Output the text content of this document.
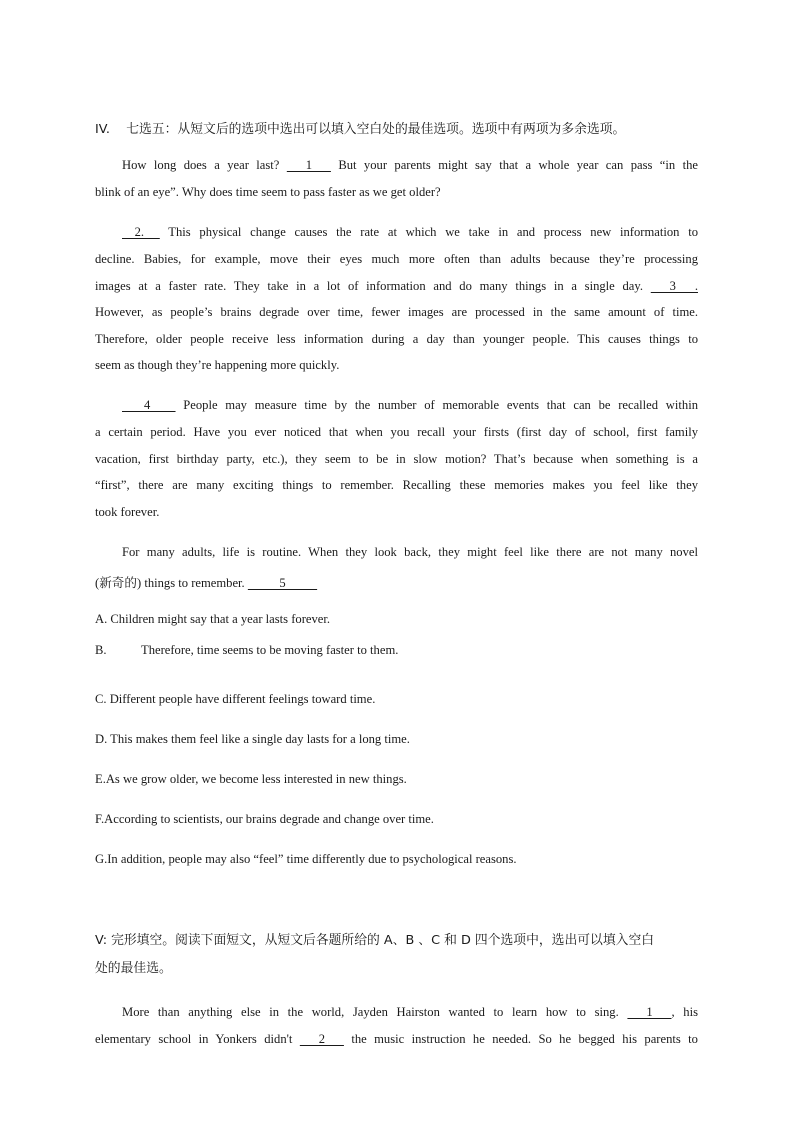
IV. 七选五：从短文后的选项中选出可以填入空白处的最佳选项。选项中有两项为多余选项。
How long does a year last?       1       But your parents might say that a whole year can pass “in the
blink of an eye”. Why does time seem to pass faster as we get older?
2.      This physical change causes the rate at which we take in and process new information to
decline. Babies, for example, move their eyes much more often than adults because they’re processing
images at a faster rate. They take in a lot of information and do many things in a single day.       3      .
However, as people’s brains degrade over time, fewer images are processed in the same amount of time.
Therefore, older people receive less information during a day than younger people. This causes things to
seem as though they’re happening more quickly.
4         People may measure time by the number of memorable events that can be recalled within
a certain period. Have you ever noticed that when you recall your firsts (first day of school, first family
vacation, first birthday party, etc.), they seem to be in slow motion? That’s because when something is a
“first”, there are many exciting things to remember. Recalling these memories makes you feel like they
took forever.
For many adults, life is routine. When they look back, they might feel like there are not many novel
(新奇的) things to remember.           5
A. Children might say that a year lasts forever.
B.	Therefore, time seems to be moving faster to them.
C. Different people have different feelings toward time.
D. This makes them feel like a single day lasts for a long time.
E.As we grow older, we become less interested in new things.
F.According to scientists, our brains degrade and change over time.
G.In addition, people may also “feel” time differently due to psychological reasons.
V: 完形填空。阅读下面短文，从短文后各题所给的 A、B 、C 和 D 四个选项中，选出可以填入空白
处的最佳选。
More than anything else in the world, Jayden Hairston wanted to learn how to sing.       1      , his
elementary school in Yonkers didn't       2       the music instruction he needed. So he begged his parents to
